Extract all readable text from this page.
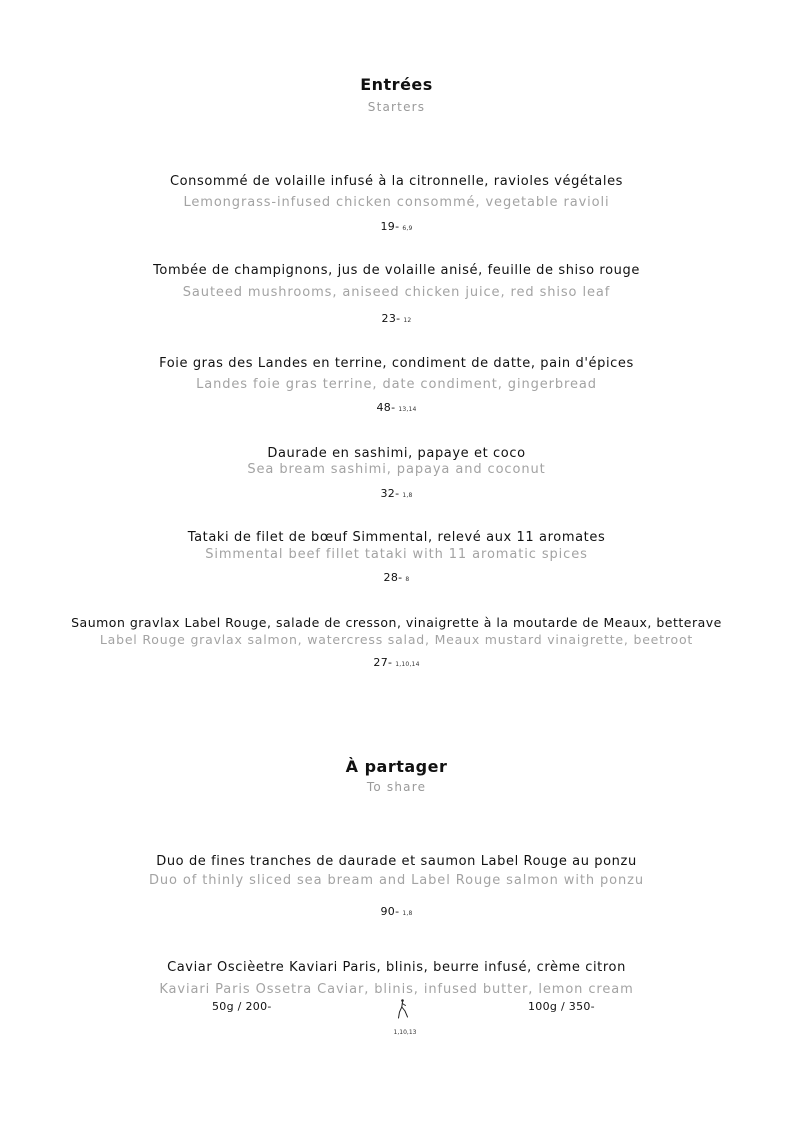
Entrées
Starters
Consommé de volaille infusé à la citronnelle, ravioles végétales
Lemongrass-infused chicken consommé, vegetable ravioli
19- 6,9
Tombée de champignons, jus de volaille anisé, feuille de shiso rouge
Sauteed mushrooms, aniseed chicken juice, red shiso leaf
23- 12
Foie gras des Landes en terrine, condiment de datte, pain d'épices
Landes foie gras terrine, date condiment, gingerbread
48- 13,14
Daurade en sashimi, papaye et coco
Sea bream sashimi, papaya and coconut
32- 1,8
Tataki de filet de bœuf Simmental, relevé aux 11 aromates
Simmental beef fillet tataki with 11 aromatic spices
28- 8
Saumon gravlax Label Rouge, salade de cresson, vinaigrette à la moutarde de Meaux, betterave
Label Rouge gravlax salmon, watercress salad, Meaux mustard vinaigrette, beetroot
27- 1,10,14
À partager
To share
Duo de fines tranches de daurade et saumon Label Rouge au ponzu
Duo of thinly sliced sea bream and Label Rouge salmon with ponzu
90- 1,8
Caviar Oscièetre Kaviari Paris, blinis, beurre infusé, crème citron
Kaviari Paris Ossetra Caviar, blinis, infused butter, lemon cream
50g / 200-	100g / 350-
1,10,13
